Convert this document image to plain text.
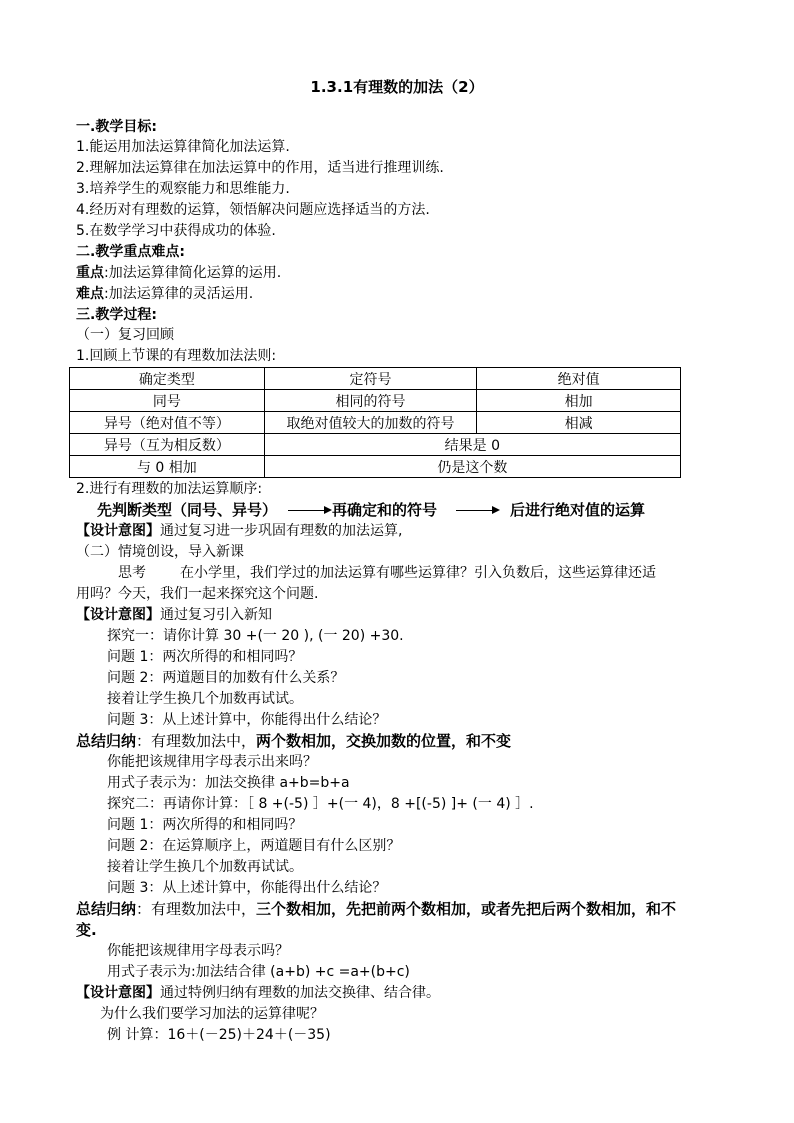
1.3.1有理数的加法（2）
一.教学目标:
1.能运用加法运算律简化加法运算.
2.理解加法运算律在加法运算中的作用，适当进行推理训练.
3.培养学生的观察能力和思维能力.
4.经历对有理数的运算，领悟解决问题应选择适当的方法.
5.在数学学习中获得成功的体验.
二.教学重点难点:
重点:加法运算律简化运算的运用.
难点:加法运算律的灵活运用.
三.教学过程:
（一）复习回顾
1.回顾上节课的有理数加法法则:
确定类型	定符号	绝对值
同号	相同的符号	相加
异号（绝对值不等）	取绝对值较大的加数的符号	相减
异号（互为相反数）	结果是 0	
与 0 相加	仍是这个数	
2.进行有理数的加法运算顺序:
先判断类型（同号、异号）	再确定和的符号	后进行绝对值的运算
【设计意图】通过复习进一步巩固有理数的加法运算,
（二）情境创设，导入新课
思考 在小学里，我们学过的加法运算有哪些运算律？引入负数后，这些运算律还适
用吗？今天，我们一起来探究这个问题.
【设计意图】通过复习引入新知
探究一：请你计算 30 +(一 20 ), (一 20) +30.
问题 1：两次所得的和相同吗？
问题 2：两道题目的加数有什么关系？
接着让学生换几个加数再试试。
问题 3：从上述计算中，你能得出什么结论？
总结归纳：有理数加法中，两个数相加，交换加数的位置，和不变
你能把该规律用字母表示出来吗？
用式子表示为：加法交换律 a+b=b+a
探究二：再请你计算：［ 8 +(-5) ］+(一 4)，8 +[(-5) ]+ (一 4) ］.
问题 1：两次所得的和相同吗？
问题 2：在运算顺序上，两道题目有什么区别？
接着让学生换几个加数再试试。
问题 3：从上述计算中，你能得出什么结论？
总结归纳：有理数加法中，三个数相加，先把前两个数相加，或者先把后两个数相加，和不
变.
你能把该规律用字母表示吗？
用式子表示为:加法结合律 (a+b) +c =a+(b+c)
【设计意图】通过特例归纳有理数的加法交换律、结合律。
为什么我们要学习加法的运算律呢？
例 计算：16＋(－25)＋24＋(－35)
